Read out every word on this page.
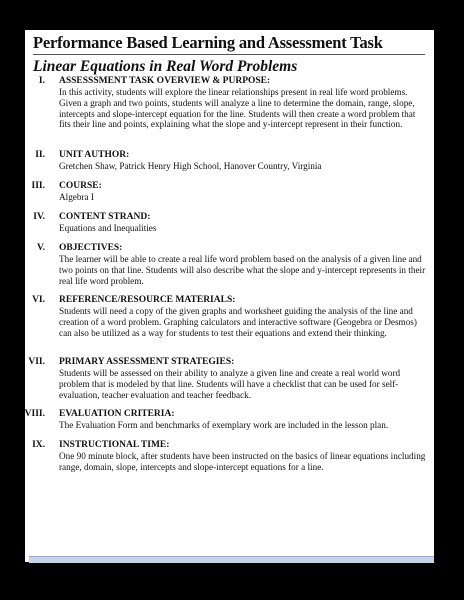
Performance Based Learning and Assessment Task
Linear Equations in Real Word Problems
I. ASSESSSMENT TASK OVERVIEW & PURPOSE:

In this activity, students will explore the linear relationships present in real life word problems. Given a graph and two points, students will analyze a line to determine the domain, range, slope, intercepts and slope-intercept equation for the line. Students will then create a word problem that fits their line and points, explaining what the slope and y-intercept represent in their function.

II. UNIT AUTHOR:

Gretchen Shaw, Patrick Henry High School, Hanover Country, Virginia

III. COURSE:

Algebra I

IV. CONTENT STRAND:

Equations and Inequalities

V. OBJECTIVES:

The learner will be able to create a real life word problem based on the analysis of a given line and two points on that line. Students will also describe what the slope and y-intercept represents in their real life word problem.

VI. REFERENCE/RESOURCE MATERIALS:

Students will need a copy of the given graphs and worksheet guiding the analysis of the line and creation of a word problem. Graphing calculators and interactive software (Geogebra or Desmos) can also be utilized as a way for students to test their equations and extend their thinking.

VII. PRIMARY ASSESSMENT STRATEGIES:

Students will be assessed on their ability to analyze a given line and create a real world word problem that is modeled by that line. Students will have a checklist that can be used for self-evaluation, teacher evaluation and teacher feedback.

VIII. EVALUATION CRITERIA:

The Evaluation Form and benchmarks of exemplary work are included in the lesson plan.

IX. INSTRUCTIONAL TIME:

One 90 minute block, after students have been instructed on the basics of linear equations including range, domain, slope, intercepts and slope-intercept equations for a line.
